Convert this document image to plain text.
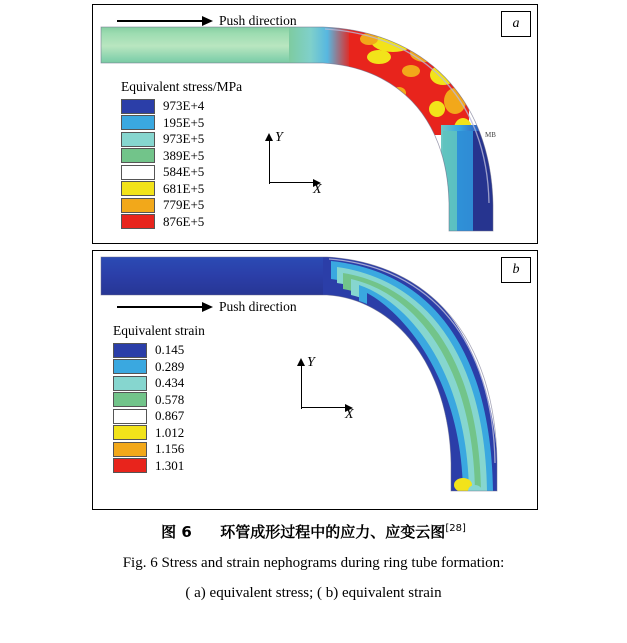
MB
Push direction
Equivalent stress/MPa
973E+4
195E+5
973E+5
389E+5
584E+5
681E+5
779E+5
876E+5
Y
X
a
Push direction
Equivalent strain
0.145
0.289
0.434
0.578
0.867
1.012
1.156
1.301
Y
X
b
图 6 环管成形过程中的应力、应变云图[28]
Fig. 6 Stress and strain nephograms during ring tube formation:
( a) equivalent stress; ( b) equivalent strain
